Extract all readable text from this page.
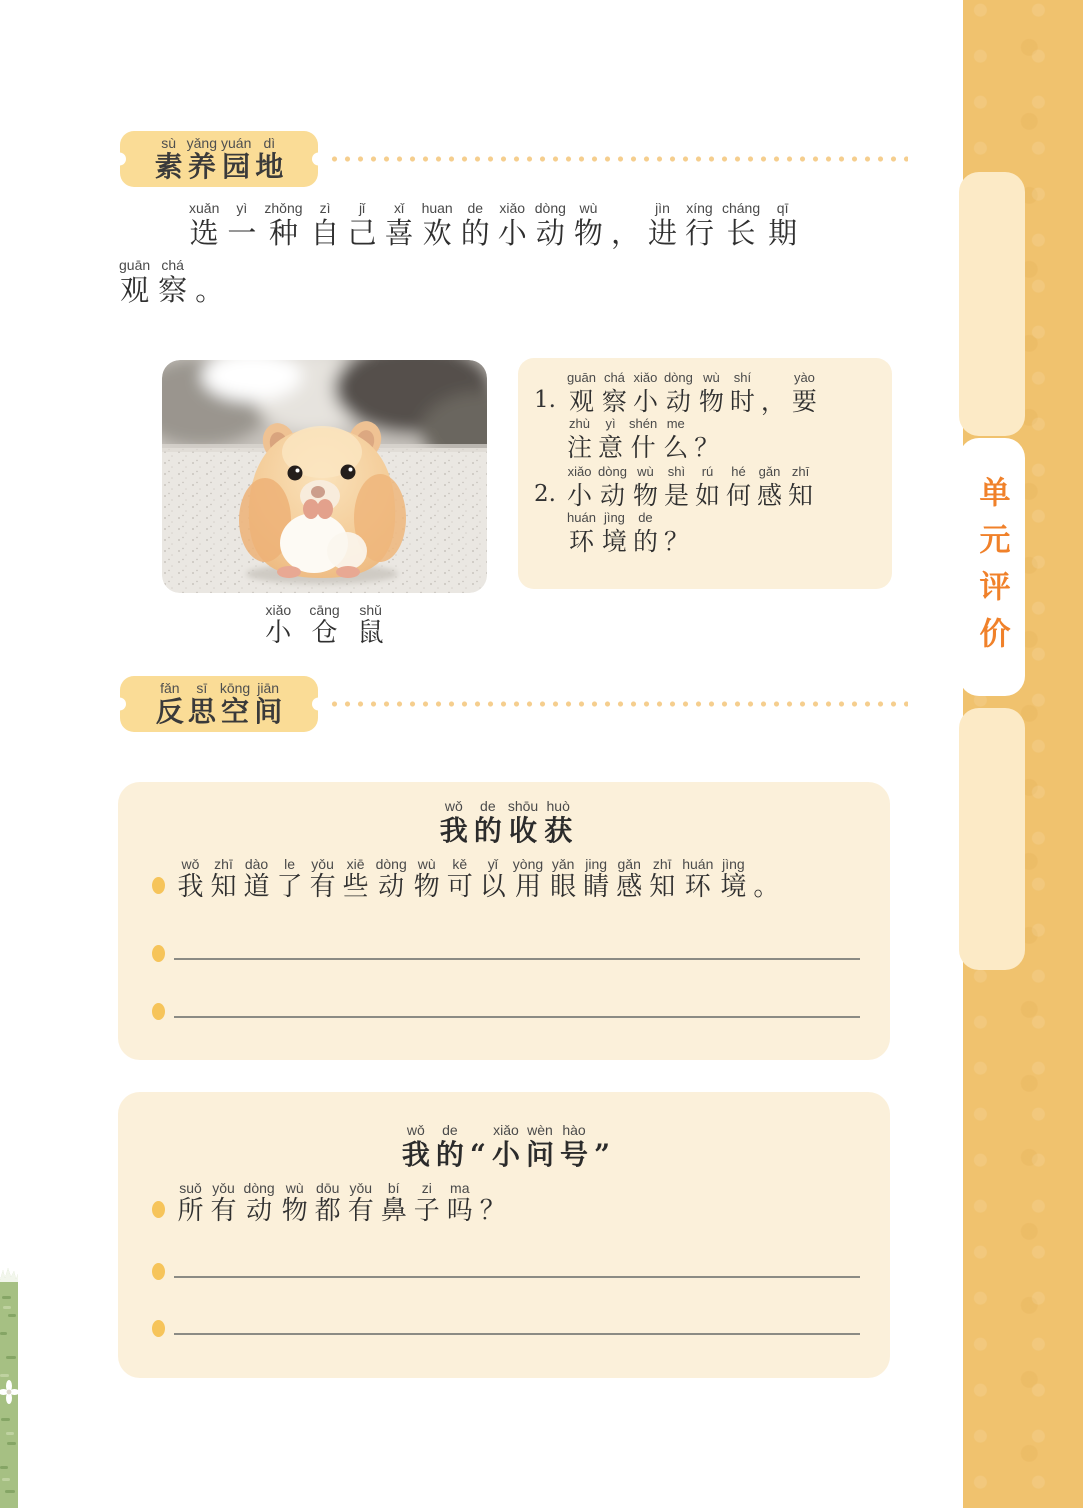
单元评价
sù
素
yǎng
养
yuán
园
dì
地
xuǎn
选
yì
一
zhǒng
种
zì
自
jǐ
己
xǐ
喜
huan
欢
de
的
xiǎo
小
dòng
动
wù
物 ，
jìn
进
xíng
行
cháng
长
qī
期
guān
观
chá
察 。
xiǎo
小
cāng
仓
shǔ
鼠
1.
guān
观
chá
察
xiǎo
小
dòng
动
wù
物
shí
时 ，
yào
要
zhù
注
yì
意
shén
什
me
么 ？
2.
xiǎo
小
dòng
动
wù
物
shì
是
rú
如
hé
何
gǎn
感
zhī
知
huán
环
jìng
境
de
的 ？
fǎn
反
sī
思
kōng
空
jiān
间
wǒ
我
de
的
shōu
收
huò
获
wǒ
我
zhī
知
dào
道
le
了
yǒu
有
xiē
些
dòng
动
wù
物
kě
可
yǐ
以
yòng
用
yǎn
眼
jing
睛
gǎn
感
zhī
知
huán
环
jìng
境 。
wǒ
我
de
的 “
xiǎo
小
wèn
问
hào
号 ”
suǒ
所
yǒu
有
dòng
动
wù
物
dōu
都
yǒu
有
bí
鼻
zi
子
ma
吗 ？
